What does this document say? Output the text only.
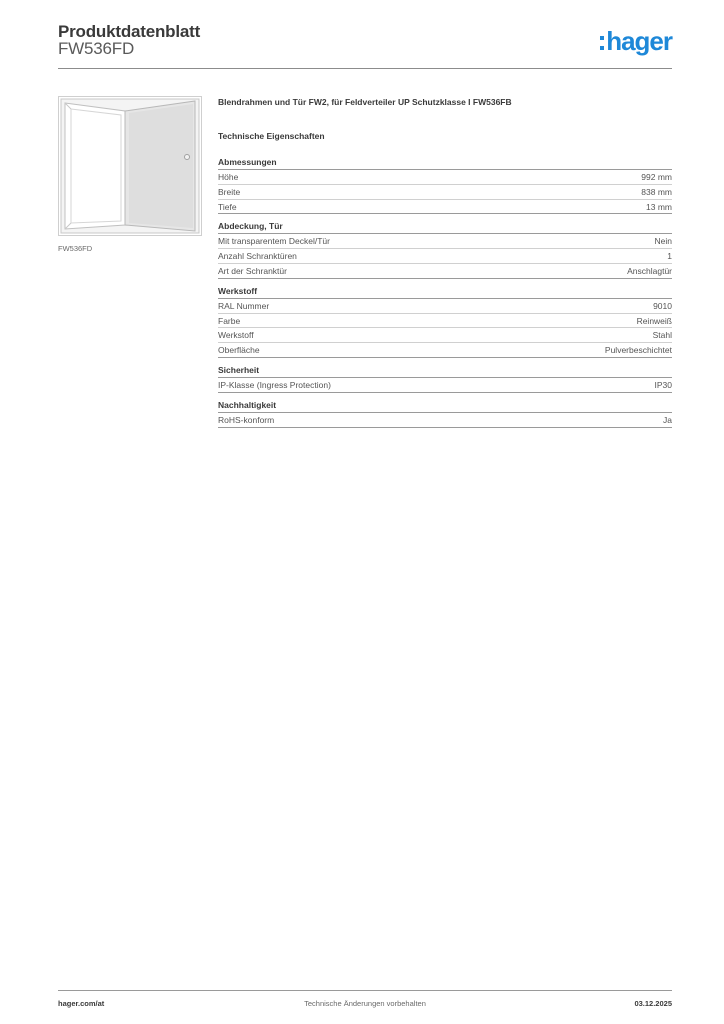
Produktdatenblatt
FW536FD	hager
FW536FD
Blendrahmen und Tür FW2, für Feldverteiler UP Schutzklasse I FW536FB
Technische Eigenschaften
Abmessungen
Höhe	992 mm
Breite	838 mm
Tiefe	13 mm
Abdeckung, Tür
Mit transparentem Deckel/Tür	Nein
Anzahl Schranktüren	1
Art der Schranktür	Anschlagtür
Werkstoff
RAL Nummer	9010
Farbe	Reinweiß
Werkstoff	Stahl
Oberfläche	Pulverbeschichtet
Sicherheit
IP-Klasse (Ingress Protection)	IP30
Nachhaltigkeit
RoHS-konform	Ja
hager.com/at	Technische Änderungen vorbehalten	03.12.2025
